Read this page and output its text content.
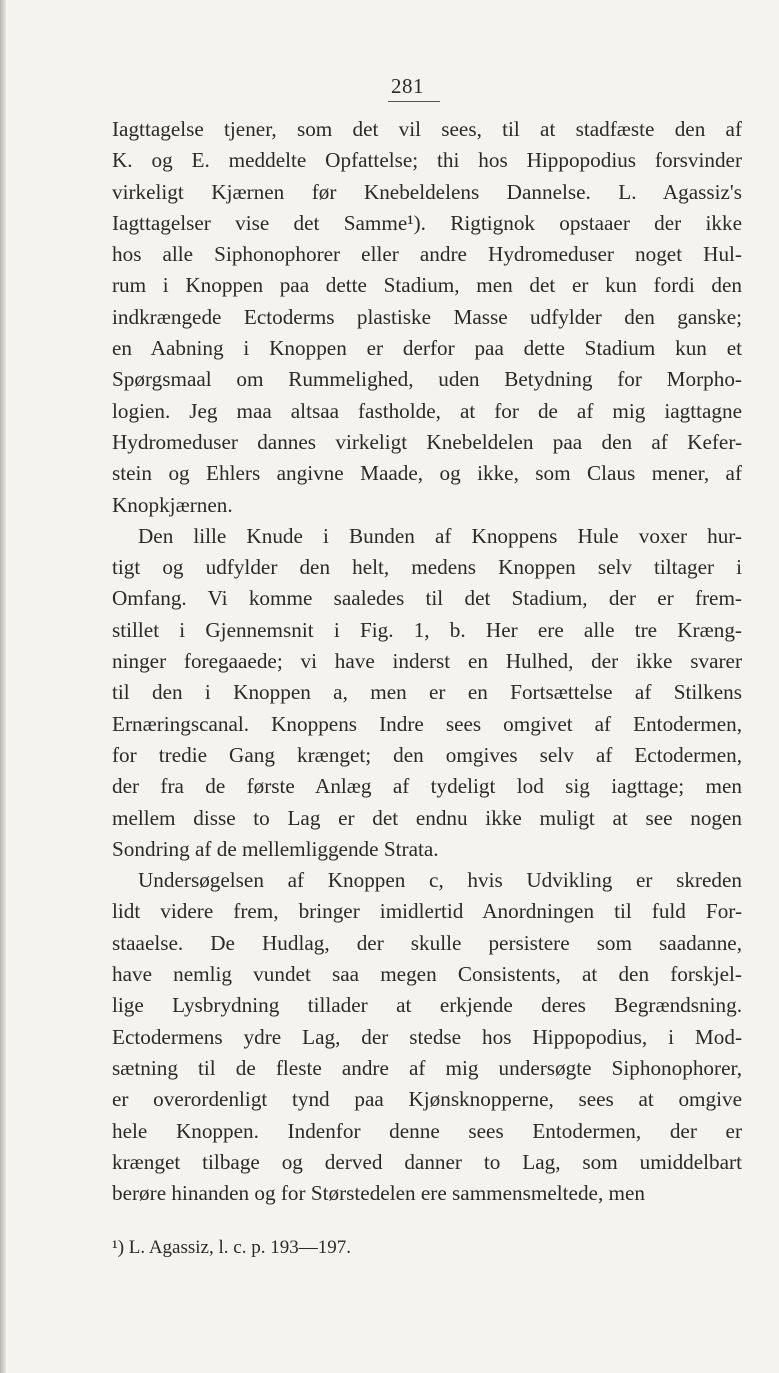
281
Iagttagelse tjener, som det vil sees, til at stadfæste den af
K. og E. meddelte Opfattelse; thi hos Hippopodius forsvinder
virkeligt Kjærnen før Knebeldelens Dannelse. L. Agassiz's
Iagttagelser vise det Samme¹). Rigtignok opstaaer der ikke
hos alle Siphonophorer eller andre Hydromeduser noget Hul-
rum i Knoppen paa dette Stadium, men det er kun fordi den
indkrængede Ectoderms plastiske Masse udfylder den ganske;
en Aabning i Knoppen er derfor paa dette Stadium kun et
Spørgsmaal om Rummelighed, uden Betydning for Morpho-
logien. Jeg maa altsaa fastholde, at for de af mig iagttagne
Hydromeduser dannes virkeligt Knebeldelen paa den af Kefer-
stein og Ehlers angivne Maade, og ikke, som Claus mener, af
Knopkjærnen.
Den lille Knude i Bunden af Knoppens Hule voxer hur-
tigt og udfylder den helt, medens Knoppen selv tiltager i
Omfang. Vi komme saaledes til det Stadium, der er frem-
stillet i Gjennemsnit i Fig. 1, b. Her ere alle tre Kræng-
ninger foregaaede; vi have inderst en Hulhed, der ikke svarer
til den i Knoppen a, men er en Fortsættelse af Stilkens
Ernæringscanal. Knoppens Indre sees omgivet af Entodermen,
for tredie Gang krænget; den omgives selv af Ectodermen,
der fra de første Anlæg af tydeligt lod sig iagttage; men
mellem disse to Lag er det endnu ikke muligt at see nogen
Sondring af de mellemliggende Strata.
Undersøgelsen af Knoppen c, hvis Udvikling er skreden
lidt videre frem, bringer imidlertid Anordningen til fuld For-
staaelse. De Hudlag, der skulle persistere som saadanne,
have nemlig vundet saa megen Consistents, at den forskjel-
lige Lysbrydning tillader at erkjende deres Begrændsning.
Ectodermens ydre Lag, der stedse hos Hippopodius, i Mod-
sætning til de fleste andre af mig undersøgte Siphonophorer,
er overordenligt tynd paa Kjønsknopperne, sees at omgive
hele Knoppen. Indenfor denne sees Entodermen, der er
krænget tilbage og derved danner to Lag, som umiddelbart
berøre hinanden og for Størstedelen ere sammensmeltede, men
¹) L. Agassiz, l. c. p. 193—197.
